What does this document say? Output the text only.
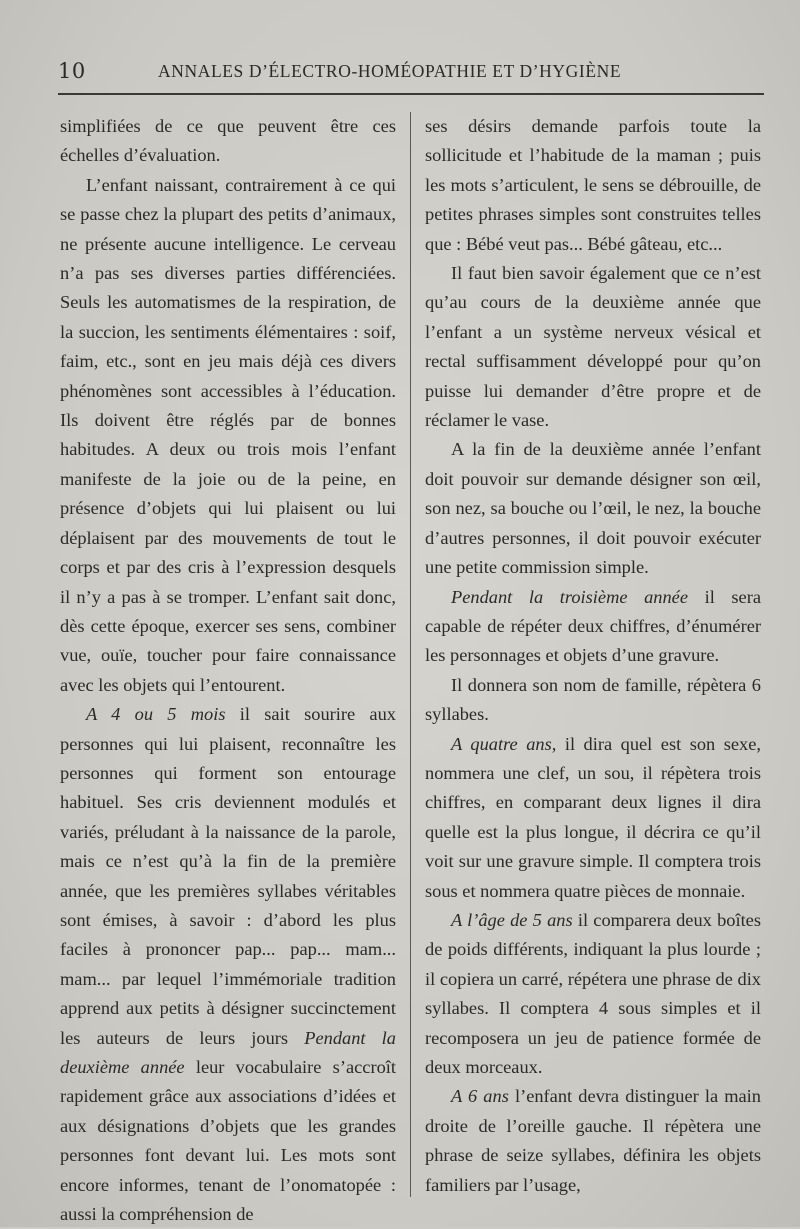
10	ANNALES D’ÉLECTRO-HOMÉOPATHIE ET D’HYGIÈNE

simplifiées de ce que peuvent être ces échelles d’évaluation.

L’enfant naissant, contrairement à ce qui se passe chez la plupart des petits d’animaux, ne présente aucune intelligence. Le cerveau n’a pas ses diverses parties différenciées. Seuls les automatismes de la respiration, de la succion, les sentiments élémentaires : soif, faim, etc., sont en jeu mais déjà ces divers phénomènes sont accessibles à l’éducation. Ils doivent être réglés par de bonnes habitudes. A deux ou trois mois l’enfant manifeste de la joie ou de la peine, en présence d’objets qui lui plaisent ou lui déplaisent par des mouvements de tout le corps et par des cris à l’expression desquels il n’y a pas à se tromper. L’enfant sait donc, dès cette époque, exercer ses sens, combiner vue, ouïe, toucher pour faire connaissance avec les objets qui l’entourent.

A 4 ou 5 mois il sait sourire aux personnes qui lui plaisent, reconnaître les personnes qui forment son entourage habituel. Ses cris deviennent modulés et variés, préludant à la naissance de la parole, mais ce n’est qu’à la fin de la première année, que les premières syllabes véritables sont émises, à savoir : d’abord les plus faciles à prononcer pap... pap... mam... mam... par lequel l’immémoriale tradition apprend aux petits à désigner succinctement les auteurs de leurs jours Pendant la deuxième année leur vocabulaire s’accroît rapidement grâce aux associations d’idées et aux désignations d’objets que les grandes personnes font devant lui. Les mots sont encore informes, tenant de l’onomatopée : aussi la compréhension de

ses désirs demande parfois toute la sollicitude et l’habitude de la maman ; puis les mots s’articulent, le sens se débrouille, de petites phrases simples sont construites telles que : Bébé veut pas... Bébé gâteau, etc...

Il faut bien savoir également que ce n’est qu’au cours de la deuxième année que l’enfant a un système nerveux vésical et rectal suffisamment développé pour qu’on puisse lui demander d’être propre et de réclamer le vase.

A la fin de la deuxième année l’enfant doit pouvoir sur demande désigner son œil, son nez, sa bouche ou l’œil, le nez, la bouche d’autres personnes, il doit pouvoir exécuter une petite commission simple.

Pendant la troisième année il sera capable de répéter deux chiffres, d’énumérer les personnages et objets d’une gravure.

Il donnera son nom de famille, répètera 6 syllabes.

A quatre ans, il dira quel est son sexe, nommera une clef, un sou, il répètera trois chiffres, en comparant deux lignes il dira quelle est la plus longue, il décrira ce qu’il voit sur une gravure simple. Il comptera trois sous et nommera quatre pièces de monnaie.

A l’âge de 5 ans il comparera deux boîtes de poids différents, indiquant la plus lourde ; il copiera un carré, répétera une phrase de dix syllabes. Il comptera 4 sous simples et il recomposera un jeu de patience formée de deux morceaux.

A 6 ans l’enfant devra distinguer la main droite de l’oreille gauche. Il répètera une phrase de seize syllabes, définira les objets familiers par l’usage,
